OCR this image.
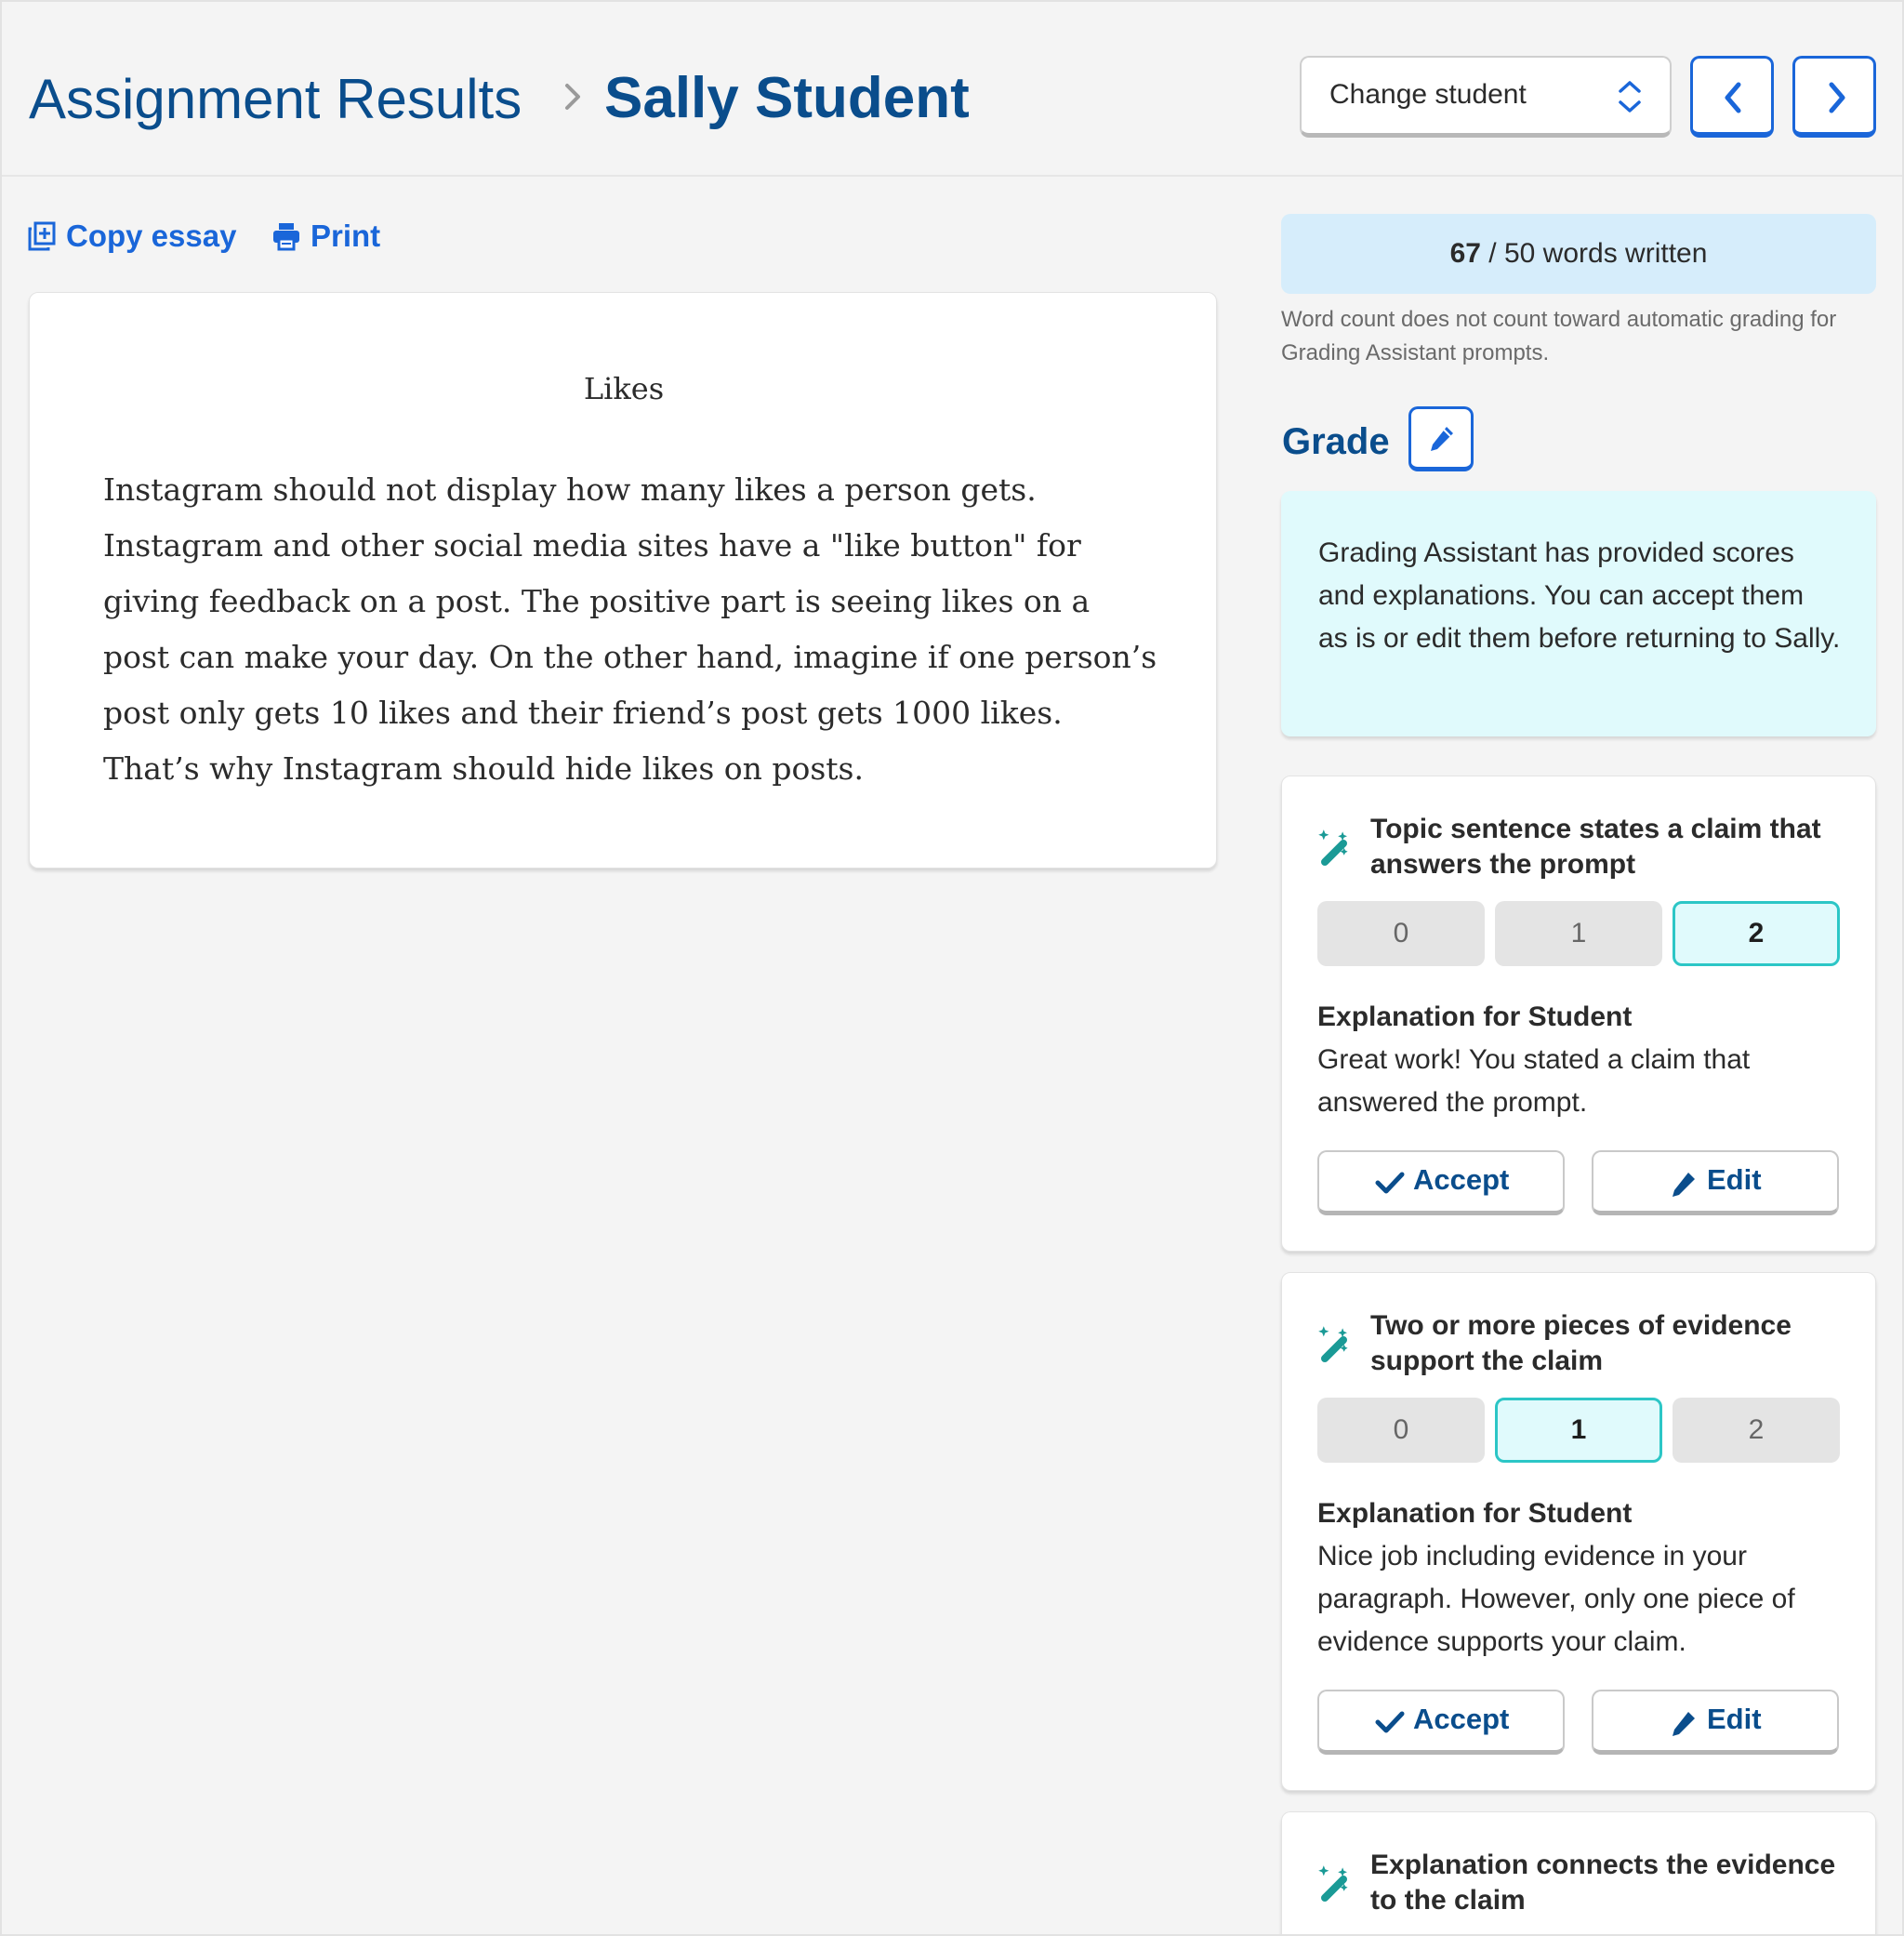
Assignment Results Sally Student	Change student
Copy essay Print
Likes
Instagram should not display how many likes a person gets. Instagram and other social media sites have a "like button" for giving feedback on a post. The positive part is seeing likes on a post can make your day. On the other hand, imagine if one person’s post only gets 10 likes and their friend’s post gets 1000 likes. That’s why Instagram should hide likes on posts.
67 / 50 words written
Word count does not count toward automatic grading for Grading Assistant prompts.
Grade
Grading Assistant has provided scores and explanations. You can accept them as is or edit them before returning to Sally.
Topic sentence states a claim that answers the prompt
0	1	2
Explanation for Student
Great work! You stated a claim that answered the prompt.
Accept	Edit
Two or more pieces of evidence support the claim
0	1	2
Explanation for Student
Nice job including evidence in your paragraph. However, only one piece of evidence supports your claim.
Accept	Edit
Explanation connects the evidence to the claim
